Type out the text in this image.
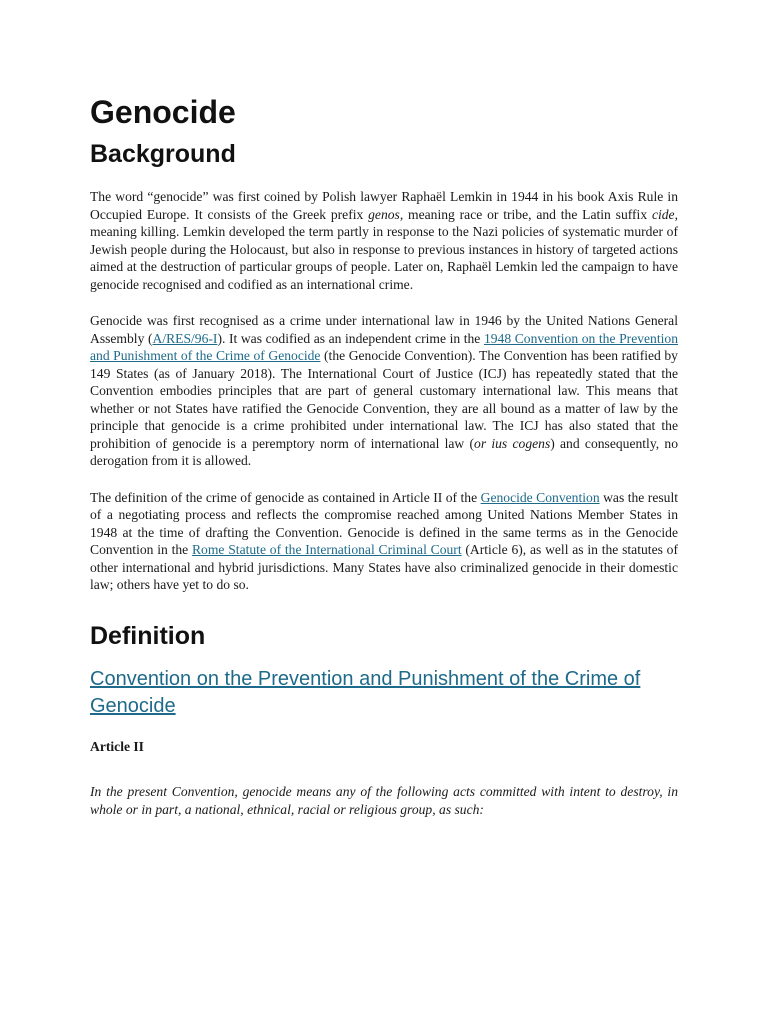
Genocide
Background

The word “genocide” was first coined by Polish lawyer Raphaël Lemkin in 1944 in his book Axis Rule in Occupied Europe. It consists of the Greek prefix genos, meaning race or tribe, and the Latin suffix cide, meaning killing. Lemkin developed the term partly in response to the Nazi policies of systematic murder of Jewish people during the Holocaust, but also in response to previous instances in history of targeted actions aimed at the destruction of particular groups of people. Later on, Raphaël Lemkin led the campaign to have genocide recognised and codified as an international crime.

Genocide was first recognised as a crime under international law in 1946 by the United Nations General Assembly (A/RES/96-I). It was codified as an independent crime in the 1948 Convention on the Prevention and Punishment of the Crime of Genocide (the Genocide Convention). The Convention has been ratified by 149 States (as of January 2018). The International Court of Justice (ICJ) has repeatedly stated that the Convention embodies principles that are part of general customary international law. This means that whether or not States have ratified the Genocide Convention, they are all bound as a matter of law by the principle that genocide is a crime prohibited under international law. The ICJ has also stated that the prohibition of genocide is a peremptory norm of international law (or ius cogens) and consequently, no derogation from it is allowed.

The definition of the crime of genocide as contained in Article II of the Genocide Convention was the result of a negotiating process and reflects the compromise reached among United Nations Member States in 1948 at the time of drafting the Convention. Genocide is defined in the same terms as in the Genocide Convention in the Rome Statute of the International Criminal Court (Article 6), as well as in the statutes of other international and hybrid jurisdictions. Many States have also criminalized genocide in their domestic law; others have yet to do so.

Definition
Convention on the Prevention and Punishment of the Crime of Genocide

Article II

In the present Convention, genocide means any of the following acts committed with intent to destroy, in whole or in part, a national, ethnical, racial or religious group, as such:
